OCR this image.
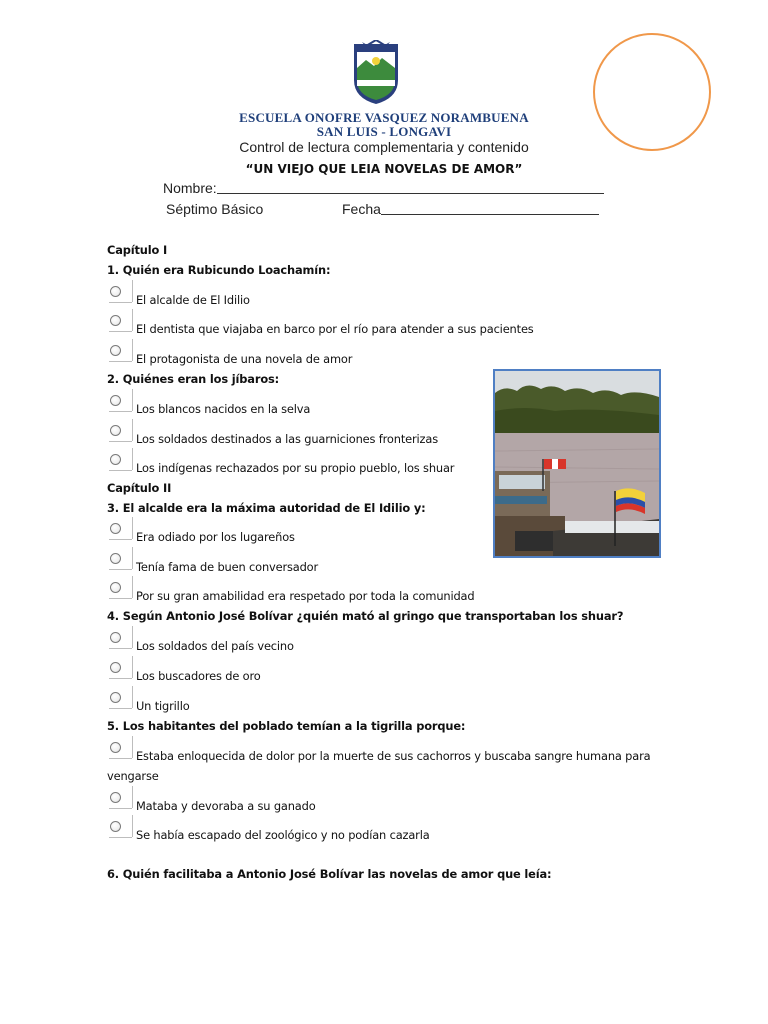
ESCUELA ONOFRE VASQUEZ NORAMBUENA
SAN LUIS - LONGAVI
Control de lectura complementaria y contenido
“UN VIEJO QUE LEIA NOVELAS DE AMOR”
Nombre:
Séptimo Básico	Fecha
Capítulo I
1. Quién era Rubicundo Loachamín:
El alcalde de El Idilio
El dentista que viajaba en barco por el río para atender a sus pacientes
El protagonista de una novela de amor
2. Quiénes eran los jíbaros:
Los blancos nacidos en la selva
Los soldados destinados a las guarniciones fronterizas
Los indígenas rechazados por su propio pueblo, los shuar
Capítulo II
3. El alcalde era la máxima autoridad de El Idilio y:
Era odiado por los lugareños
Tenía fama de buen conversador
Por su gran amabilidad era respetado por toda la comunidad
4. Según Antonio José Bolívar ¿quién mató al gringo que transportaban los shuar?
Los soldados del país vecino
Los buscadores de oro
Un tigrillo
5. Los habitantes del poblado temían a la tigrilla porque:
Estaba enloquecida de dolor por la muerte de sus cachorros y buscaba sangre humana para
vengarse
Mataba y devoraba a su ganado
Se había escapado del zoológico y no podían cazarla
6. Quién facilitaba a Antonio José Bolívar las novelas de amor que leía:
